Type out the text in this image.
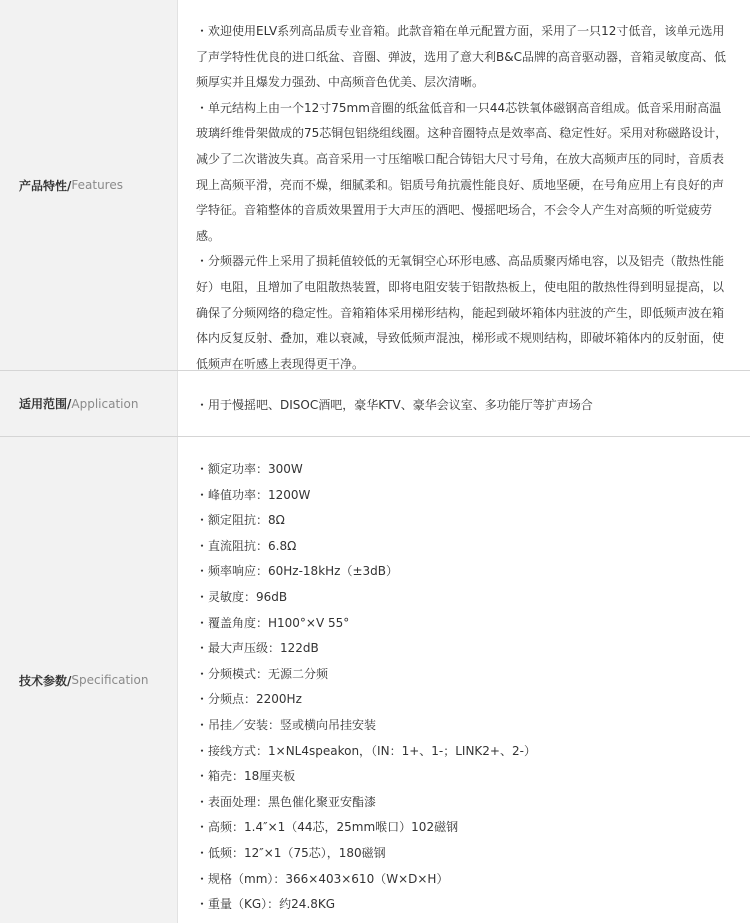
产品特性/ Features

・欢迎使用ELV系列高品质专业音箱。此款音箱在单元配置方面，采用了一只12寸低音，该单元选用了声学特性优良的进口纸盆、音圈、弹波，选用了意大利B&C品牌的高音驱动器，音箱灵敏度高、低频厚实并且爆发力强劲、中高频音色优美、层次清晰。

・单元结构上由一个12寸75mm音圈的纸盆低音和一只44芯铁氧体磁钢高音组成。低音采用耐高温玻璃纤维骨架做成的75芯铜包铝绕组线圈。这种音圈特点是效率高、稳定性好。采用对称磁路设计，减少了二次谐波失真。高音采用一寸压缩喉口配合铸铝大尺寸号角，在放大高频声压的同时，音质表现上高频平滑，亮而不燥，细腻柔和。铝质号角抗震性能良好、质地坚硬，在号角应用上有良好的声学特征。音箱整体的音质效果置用于大声压的酒吧、慢摇吧场合，不会令人产生对高频的听觉疲劳感。

・分频器元件上采用了损耗值较低的无氧铜空心环形电感、高品质聚丙烯电容，以及铝壳（散热性能好）电阻，且增加了电阻散热装置，即将电阻安装于铝散热板上，使电阻的散热性得到明显提高，以确保了分频网络的稳定性。音箱箱体采用梯形结构，能起到破坏箱体内驻波的产生，即低频声波在箱体内反复反射、叠加，难以衰减，导致低频声混浊，梯形或不规则结构，即破坏箱体内的反射面，使低频声在听感上表现得更干净。

适用范围/ Application	・用于慢摇吧、DISOC酒吧，豪华KTV、豪华会议室、多功能厅等扩声场合
技术参数/ Specification

・额定功率：300W

・峰值功率：1200W

・额定阻抗：8Ω

・直流阻抗：6.8Ω

・频率响应：60Hz-18kHz（±3dB）

・灵敏度：96dB

・覆盖角度：H100°×V 55°

・最大声压级：122dB

・分频模式：无源二分频

・分频点：2200Hz

・吊挂／安装：竖或横向吊挂安装

・接线方式：1×NL4speakon，（IN：1+、1-；LINK2+、2-）

・箱壳：18厘夹板

・表面处理：黑色催化聚亚安酯漆

・高频：1.4″×1（44芯，25mm喉口）102磁钢

・低频：12″×1（75芯），180磁钢

・规格（mm）：366×403×610（W×D×H）

・重量（KG）：约24.8KG
